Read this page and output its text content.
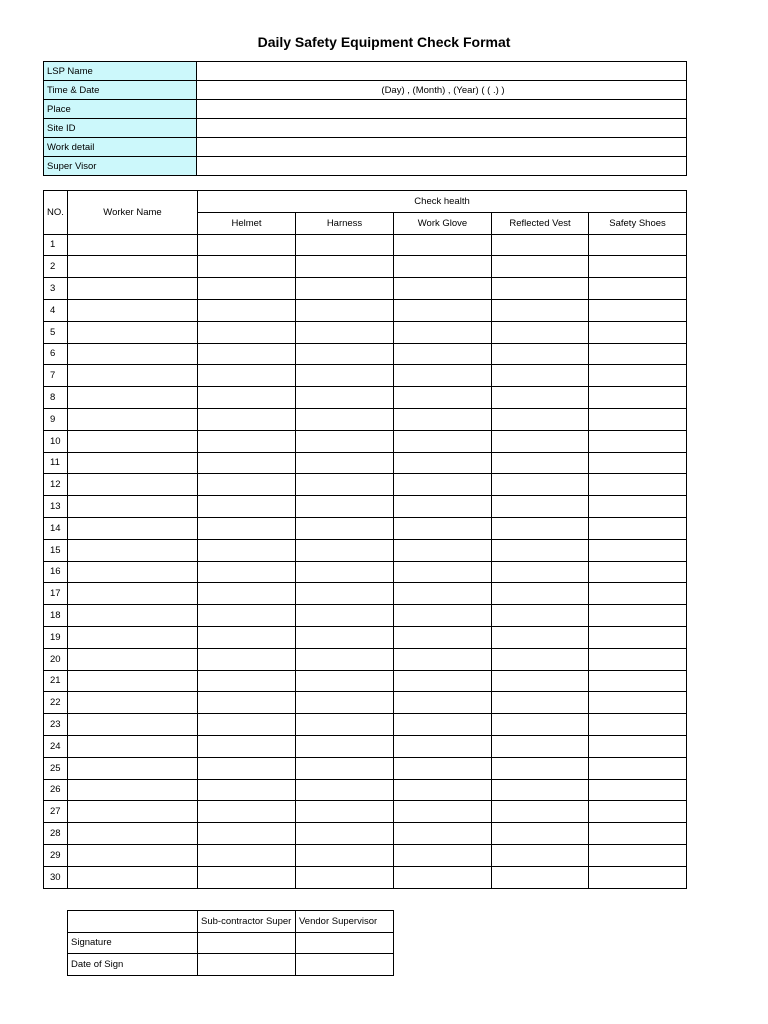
Daily Safety Equipment Check Format
LSP Name	
Time & Date	(Day) , (Month) , (Year) ( ( .) )
Place	
Site ID	
Work detail	
Super Visor	
NO.	Worker Name	Check health				
		Helmet	Harness	Work Glove	Reflected Vest	Safety Shoes
1						
2						
3						
4						
5						
6						
7						
8						
9						
10						
11						
12						
13						
14						
15						
16						
17						
18						
19						
20						
21						
22						
23						
24						
25						
26						
27						
28						
29						
30						
	Sub-contractor Super	Vendor Supervisor
Signature		
Date of Sign		
